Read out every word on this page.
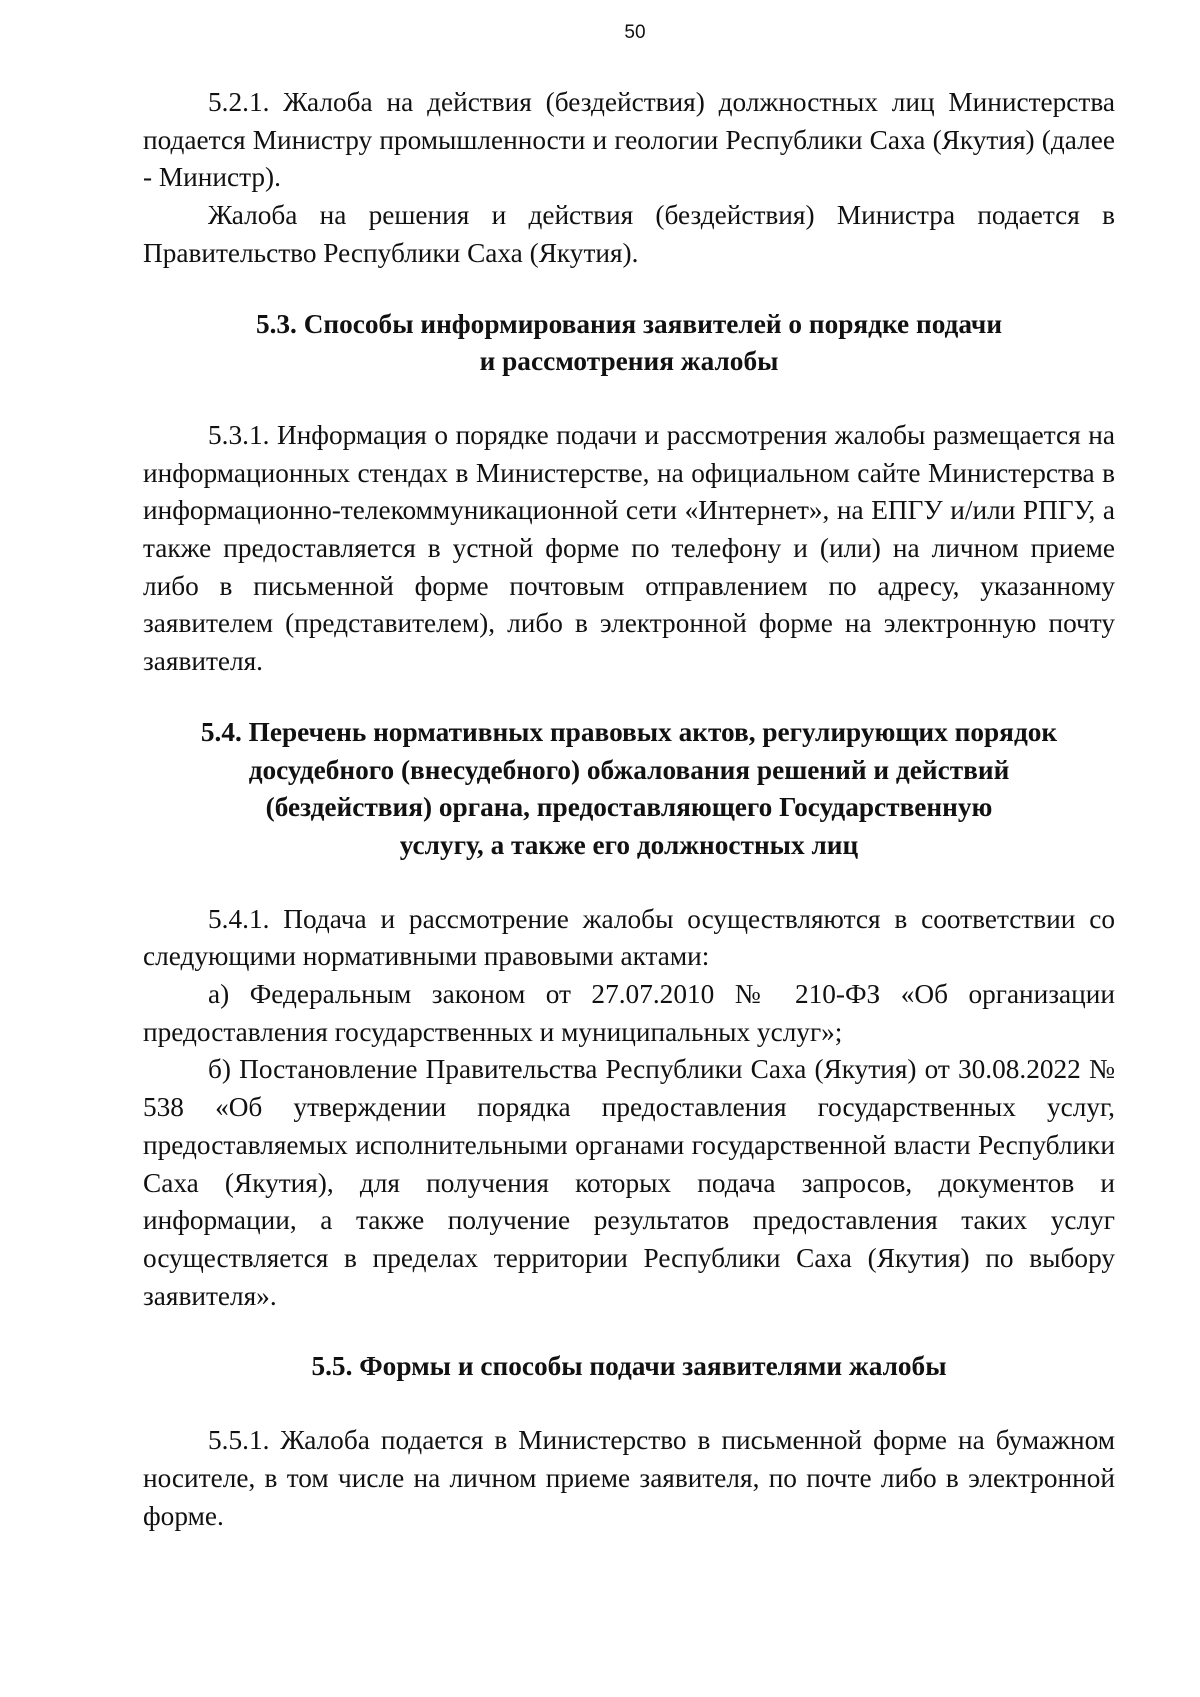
50

5.2.1. Жалоба на действия (бездействия) должностных лиц Министерства подается Министру промышленности и геологии Республики Саха (Якутия) (далее - Министр).

Жалоба на решения и действия (бездействия) Министра подается в Правительство Республики Саха (Якутия).

5.3. Способы информирования заявителей о порядке подачи
и рассмотрения жалобы

5.3.1. Информация о порядке подачи и рассмотрения жалобы размещается на информационных стендах в Министерстве, на официальном сайте Министерства в информационно-телекоммуникационной сети «Интернет», на ЕПГУ и/или РПГУ, а также предоставляется в устной форме по телефону и (или) на личном приеме либо в письменной форме почтовым отправлением по адресу, указанному заявителем (представителем), либо в электронной форме на электронную почту заявителя.

5.4. Перечень нормативных правовых актов, регулирующих порядок
досудебного (внесудебного) обжалования решений и действий
(бездействия) органа, предоставляющего Государственную
услугу, а также его должностных лиц

5.4.1. Подача и рассмотрение жалобы осуществляются в соответствии со следующими нормативными правовыми актами:

а) Федеральным законом от 27.07.2010 № 210-ФЗ «Об организации предоставления государственных и муниципальных услуг»;

б) Постановление Правительства Республики Саха (Якутия) от 30.08.2022 № 538 «Об утверждении порядка предоставления государственных услуг, предоставляемых исполнительными органами государственной власти Республики Саха (Якутия), для получения которых подача запросов, документов и информации, а также получение результатов предоставления таких услуг осуществляется в пределах территории Республики Саха (Якутия) по выбору заявителя».

5.5. Формы и способы подачи заявителями жалобы

5.5.1. Жалоба подается в Министерство в письменной форме на бумажном носителе, в том числе на личном приеме заявителя, по почте либо в электронной форме.
